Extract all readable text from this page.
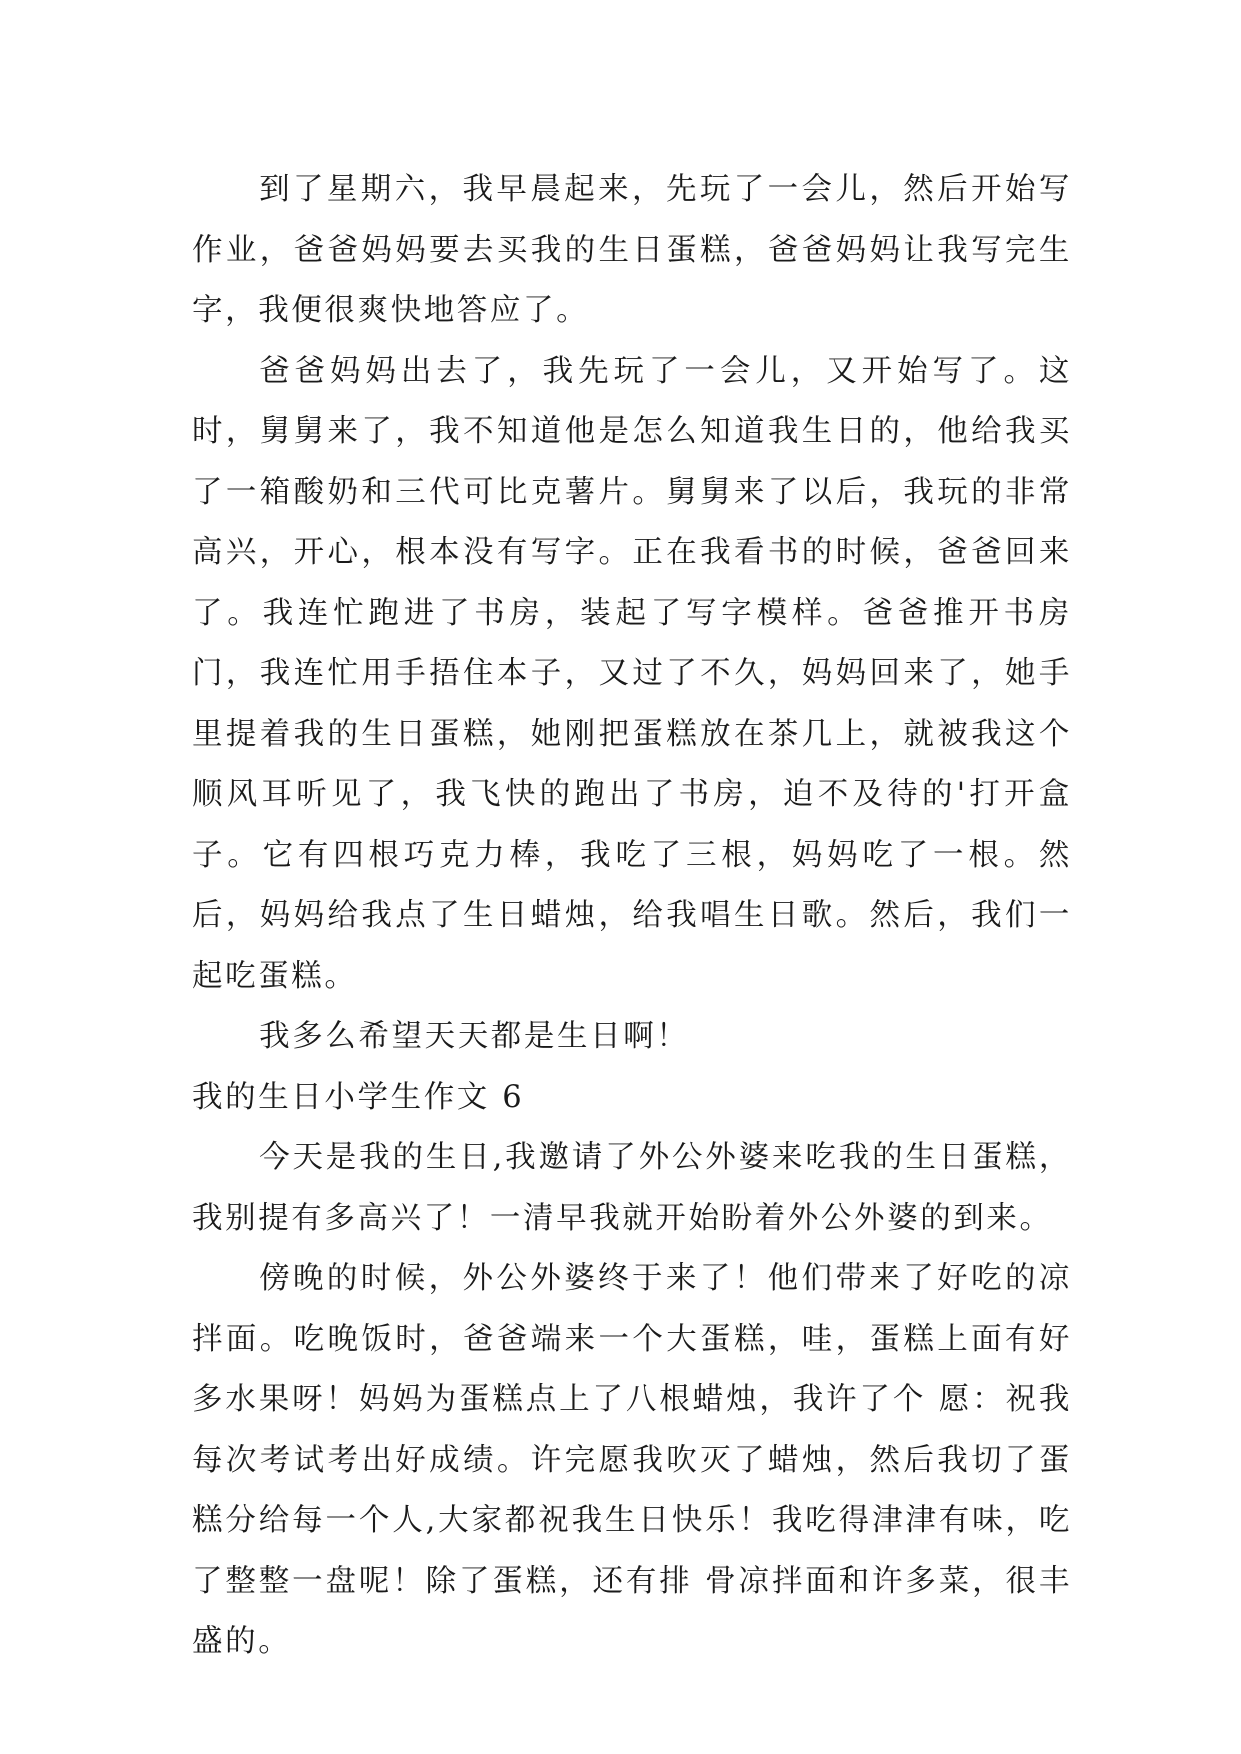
到了星期六，我早晨起来，先玩了一会儿，然后开始写作业，爸爸妈妈要去买我的生日蛋糕，爸爸妈妈让我写完生字，我便很爽快地答应了。

爸爸妈妈出去了，我先玩了一会儿，又开始写了。这时，舅舅来了，我不知道他是怎么知道我生日的，他给我买了一箱酸奶和三代可比克薯片。舅舅来了以后，我玩的非常高兴，开心，根本没有写字。正在我看书的时候，爸爸回来了。我连忙跑进了书房，装起了写字模样。爸爸推开书房门，我连忙用手捂住本子，又过了不久，妈妈回来了，她手里提着我的生日蛋糕，她刚把蛋糕放在茶几上，就被我这个顺风耳听见了，我飞快的跑出了书房，迫不及待的'打开盒子。它有四根巧克力棒，我吃了三根，妈妈吃了一根。然后，妈妈给我点了生日蜡烛，给我唱生日歌。然后，我们一起吃蛋糕。

我多么希望天天都是生日啊！

我的生日小学生作文 6

今天是我的生日,我邀请了外公外婆来吃我的生日蛋糕，我别提有多高兴了！一清早我就开始盼着外公外婆的到来。

傍晚的时候，外公外婆终于来了！他们带来了好吃的凉拌面。吃晚饭时，爸爸端来一个大蛋糕，哇，蛋糕上面有好多水果呀！妈妈为蛋糕点上了八根蜡烛，我许了个 愿：祝我每次考试考出好成绩。许完愿我吹灭了蜡烛，然后我切了蛋糕分给每一个人,大家都祝我生日快乐！我吃得津津有味，吃了整整一盘呢！除了蛋糕，还有排 骨凉拌面和许多菜，很丰盛的。
